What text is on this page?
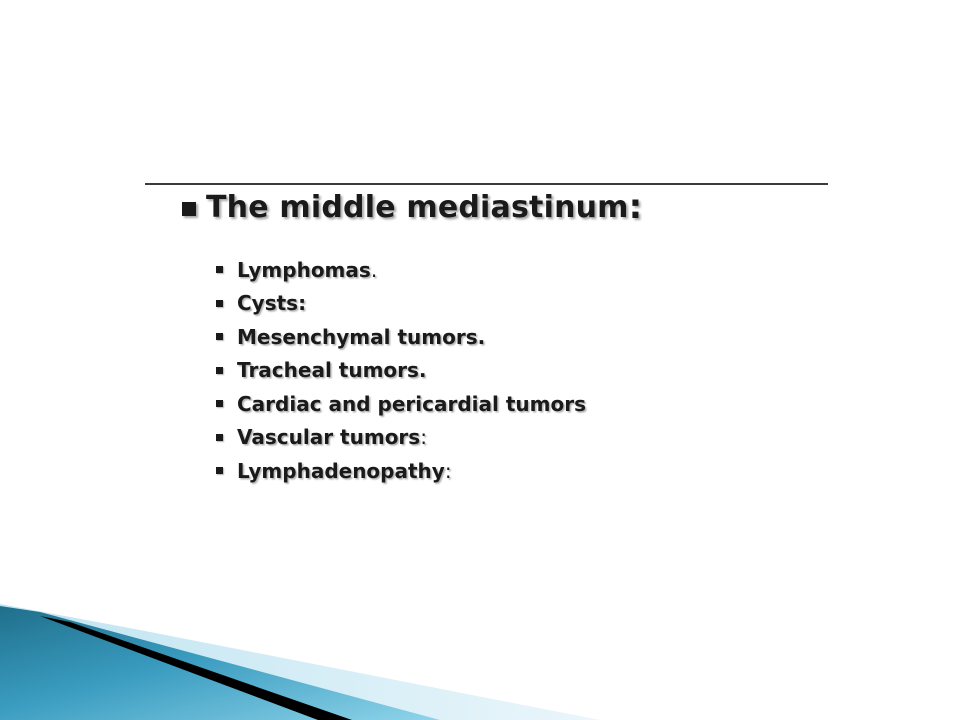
The middle mediastinum :
Lymphomas .
Cysts:
Mesenchymal tumors.
Tracheal tumors.
Cardiac and pericardial tumors
Vascular tumors :
Lymphadenopathy :
